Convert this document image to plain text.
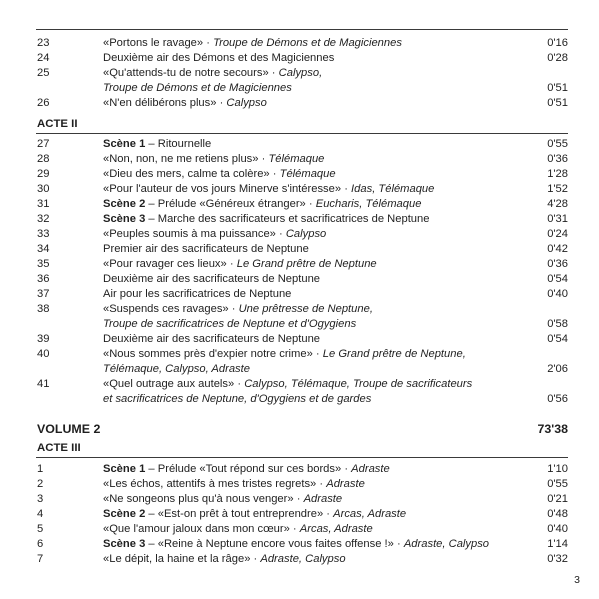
23	«Portons le ravage» · Troupe de Démons et de Magiciennes	0'16
24	Deuxième air des Démons et des Magiciennes	0'28
25	«Qu'attends-tu de notre secours» · Calypso,
Troupe de Démons et de Magiciennes	0'51
26	«N'en délibérons plus» · Calypso	0'51
ACTE II
27	Scène 1 – Ritournelle	0'55
28	«Non, non, ne me retiens plus» · Télémaque	0'36
29	«Dieu des mers, calme ta colère» · Télémaque	1'28
30	«Pour l'auteur de vos jours Minerve s'intéresse» · Idas, Télémaque	1'52
31	Scène 2 – Prélude «Généreux étranger» · Eucharis, Télémaque	4'28
32	Scène 3 – Marche des sacrificateurs et sacrificatrices de Neptune	0'31
33	«Peuples soumis à ma puissance» · Calypso	0'24
34	Premier air des sacrificateurs de Neptune	0'42
35	«Pour ravager ces lieux» · Le Grand prêtre de Neptune	0'36
36	Deuxième air des sacrificateurs de Neptune	0'54
37	Air pour les sacrificatrices de Neptune	0'40
38	«Suspends ces ravages» · Une prêtresse de Neptune,
Troupe de sacrificatrices de Neptune et d'Ogygiens	0'58
39	Deuxième air des sacrificateurs de Neptune	0'54
40	«Nous sommes près d'expier notre crime» · Le Grand prêtre de Neptune,
Télémaque, Calypso, Adraste	2'06
41	«Quel outrage aux autels» · Calypso, Télémaque, Troupe de sacrificateurs
et sacrificatrices de Neptune, d'Ogygiens et de gardes	0'56
VOLUME 2	73'38
ACTE III
1	Scène 1 – Prélude «Tout répond sur ces bords» · Adraste	1'10
2	«Les échos, attentifs à mes tristes regrets» · Adraste	0'55
3	«Ne songeons plus qu'à nous venger» · Adraste	0'21
4	Scène 2 – «Est-on prêt à tout entreprendre» · Arcas, Adraste	0'48
5	«Que l'amour jaloux dans mon cœur» · Arcas, Adraste	0'40
6	Scène 3 – «Reine à Neptune encore vous faites offense !» · Adraste, Calypso	1'14
7	«Le dépit, la haine et la râge» · Adraste, Calypso	0'32
3
